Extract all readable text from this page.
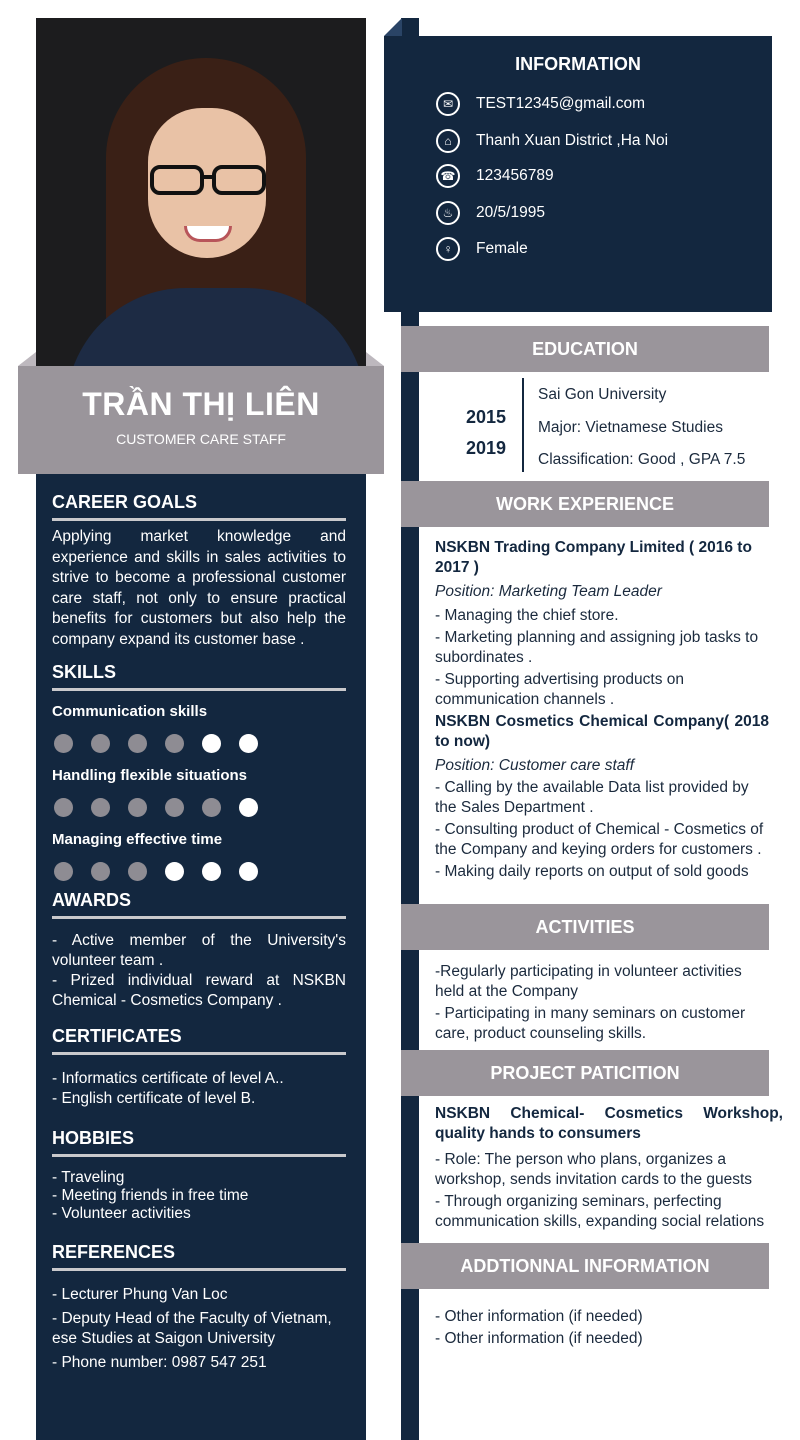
TRẦN THỊ LIÊN
CUSTOMER CARE STAFF
CAREER GOALS
Applying market knowledge and experience and skills in sales activities to strive to become a professional customer care staff, not only to ensure practical benefits for customers but also help the company expand its customer base .
SKILLS
Communication skills
Handling flexible situations
Managing effective time
AWARDS
- Active member of the University's volunteer team .
- Prized individual reward at NSKBN Chemical - Cosmetics Company .
CERTIFICATES
- Informatics certificate of level A..
- English certificate of level B.
HOBBIES
- Traveling
- Meeting friends in free time
- Volunteer activities
REFERENCES
- Lecturer Phung Van Loc
- Deputy Head of the Faculty of Vietnam, ese Studies at Saigon University
- Phone number: 0987 547 251
INFORMATION
✉	TEST12345@gmail.com
⌂	Thanh Xuan District ,Ha Noi
☎ 123456789
♨	20/5/1995
♀	Female
EDUCATION
2015
2019
Sai Gon University
Major: Vietnamese Studies
Classification: Good , GPA 7.5
WORK EXPERIENCE
NSKBN Trading Company Limited ( 2016 to 2017 )
Position: Marketing Team Leader
- Managing the chief store.
- Marketing planning and assigning job tasks to subordinates .
- Supporting advertising products on communication channels .
NSKBN Cosmetics Chemical Company( 2018 to now)
Position: Customer care staff
- Calling by the available Data list provided by the Sales Department .
- Consulting product of Chemical - Cosmetics of the Company and keying orders for customers .
- Making daily reports on output of sold goods
ACTIVITIES
-Regularly participating in volunteer activities held at the Company
- Participating in many seminars on customer care, product counseling skills.
PROJECT PATICITION
NSKBN Chemical- Cosmetics Workshop, quality hands to consumers
- Role: The person who plans, organizes a workshop, sends invitation cards to the guests
- Through organizing seminars, perfecting communication skills, expanding social relations
ADDTIONNAL INFORMATION
- Other information (if needed)
- Other information (if needed)
